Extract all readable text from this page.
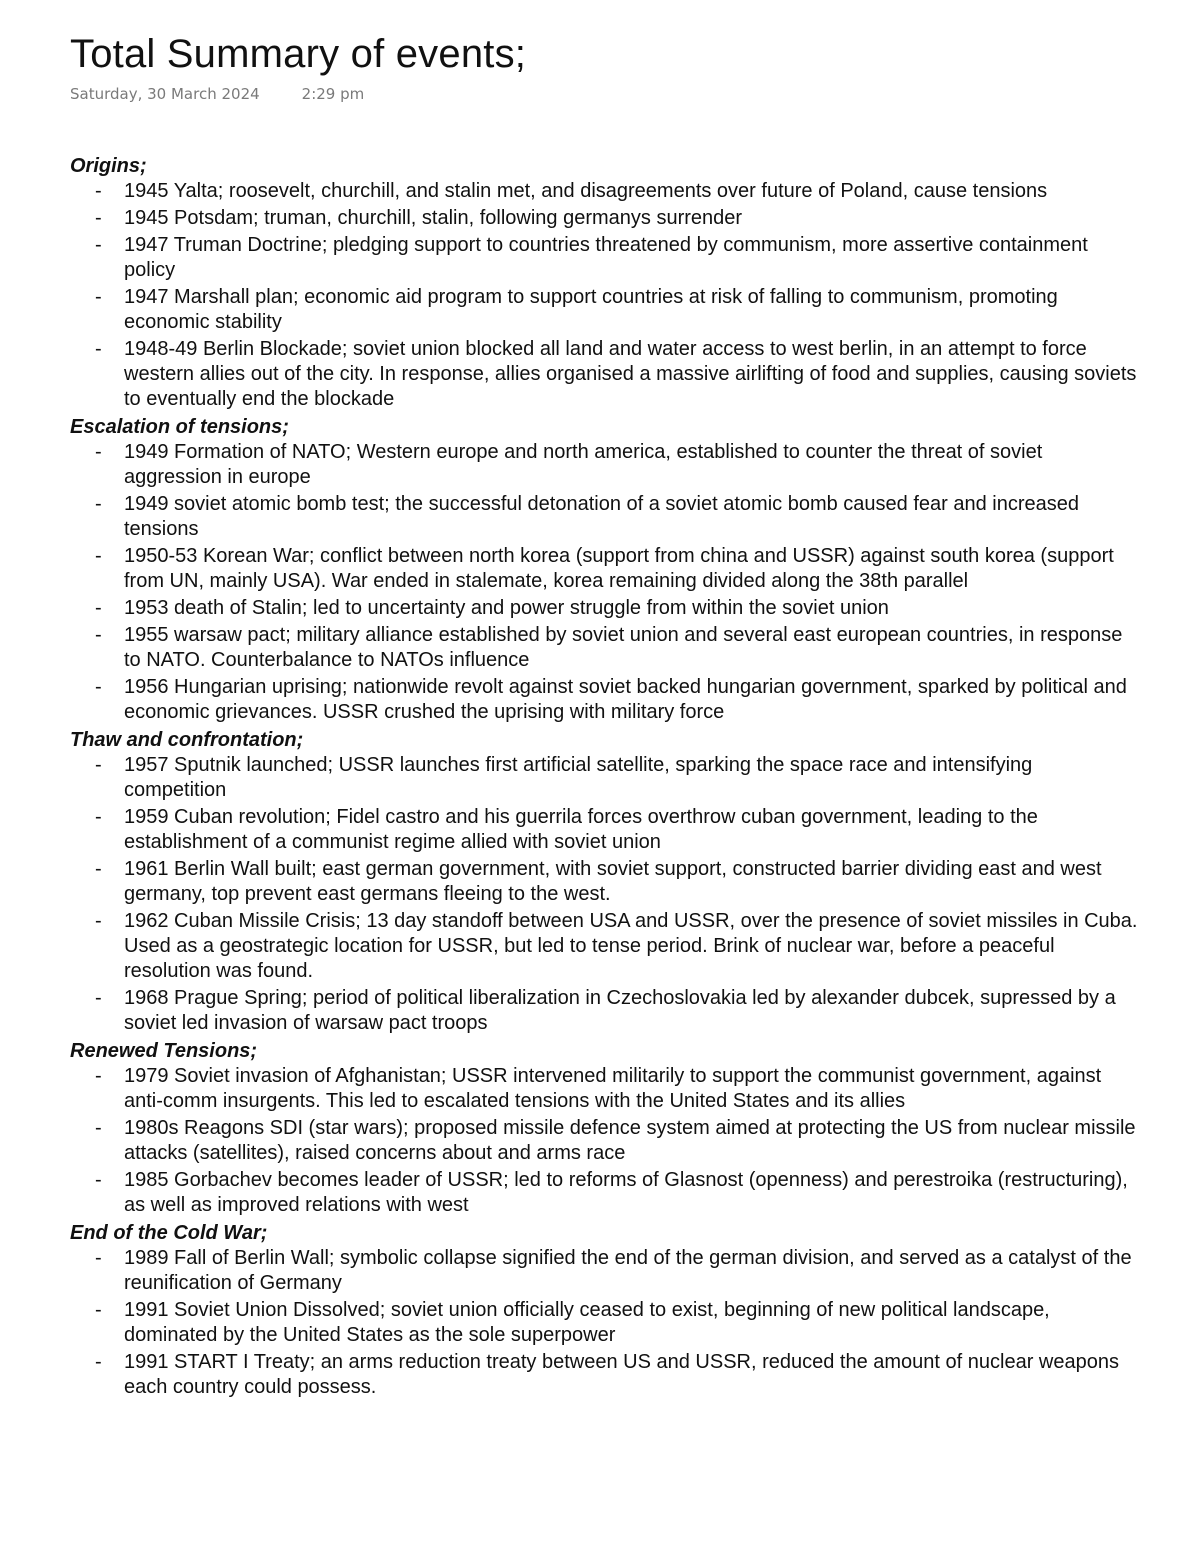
Total Summary of events;
Saturday, 30 March 2024	2:29 pm

Origins;

- 1945 Yalta; roosevelt, churchill, and stalin met, and disagreements over future of Poland, cause tensions

- 1945 Potsdam; truman, churchill, stalin, following germanys surrender

- 1947 Truman Doctrine; pledging support to countries threatened by communism, more assertive containment policy

- 1947 Marshall plan; economic aid program to support countries at risk of falling to communism, promoting economic stability

- 1948-49 Berlin Blockade; soviet union blocked all land and water access to west berlin, in an attempt to force western allies out of the city. In response, allies organised a massive airlifting of food and supplies, causing soviets to eventually end the blockade

Escalation of tensions;

- 1949 Formation of NATO; Western europe and north america, established to counter the threat of soviet aggression in europe

- 1949 soviet atomic bomb test; the successful detonation of a soviet atomic bomb caused fear and increased tensions

- 1950-53 Korean War; conflict between north korea (support from china and USSR) against south korea (support from UN, mainly USA). War ended in stalemate, korea remaining divided along the 38th parallel

- 1953 death of Stalin; led to uncertainty and power struggle from within the soviet union

- 1955 warsaw pact; military alliance established by soviet union and several east european countries, in response to NATO. Counterbalance to NATOs influence

- 1956 Hungarian uprising; nationwide revolt against soviet backed hungarian government, sparked by political and economic grievances. USSR crushed the uprising with military force

Thaw and confrontation;

- 1957 Sputnik launched; USSR launches first artificial satellite, sparking the space race and intensifying competition

- 1959 Cuban revolution; Fidel castro and his guerrila forces overthrow cuban government, leading to the establishment of a communist regime allied with soviet union

- 1961 Berlin Wall built; east german government, with soviet support, constructed barrier dividing east and west germany, top prevent east germans fleeing to the west.

- 1962 Cuban Missile Crisis; 13 day standoff between USA and USSR, over the presence of soviet missiles in Cuba. Used as a geostrategic location for USSR, but led to tense period. Brink of nuclear war, before a peaceful resolution was found.

- 1968 Prague Spring; period of political liberalization in Czechoslovakia led by alexander dubcek, supressed by a soviet led invasion of warsaw pact troops

Renewed Tensions;

- 1979 Soviet invasion of Afghanistan; USSR intervened militarily to support the communist government, against anti-comm insurgents. This led to escalated tensions with the United States and its allies

- 1980s Reagons SDI (star wars); proposed missile defence system aimed at protecting the US from nuclear missile attacks (satellites), raised concerns about and arms race

- 1985 Gorbachev becomes leader of USSR; led to reforms of Glasnost (openness) and perestroika (restructuring), as well as improved relations with west

End of the Cold War;

- 1989 Fall of Berlin Wall; symbolic collapse signified the end of the german division, and served as a catalyst of the reunification of Germany

- 1991 Soviet Union Dissolved; soviet union officially ceased to exist, beginning of new political landscape, dominated by the United States as the sole superpower

- 1991 START I Treaty; an arms reduction treaty between US and USSR, reduced the amount of nuclear weapons each country could possess.
